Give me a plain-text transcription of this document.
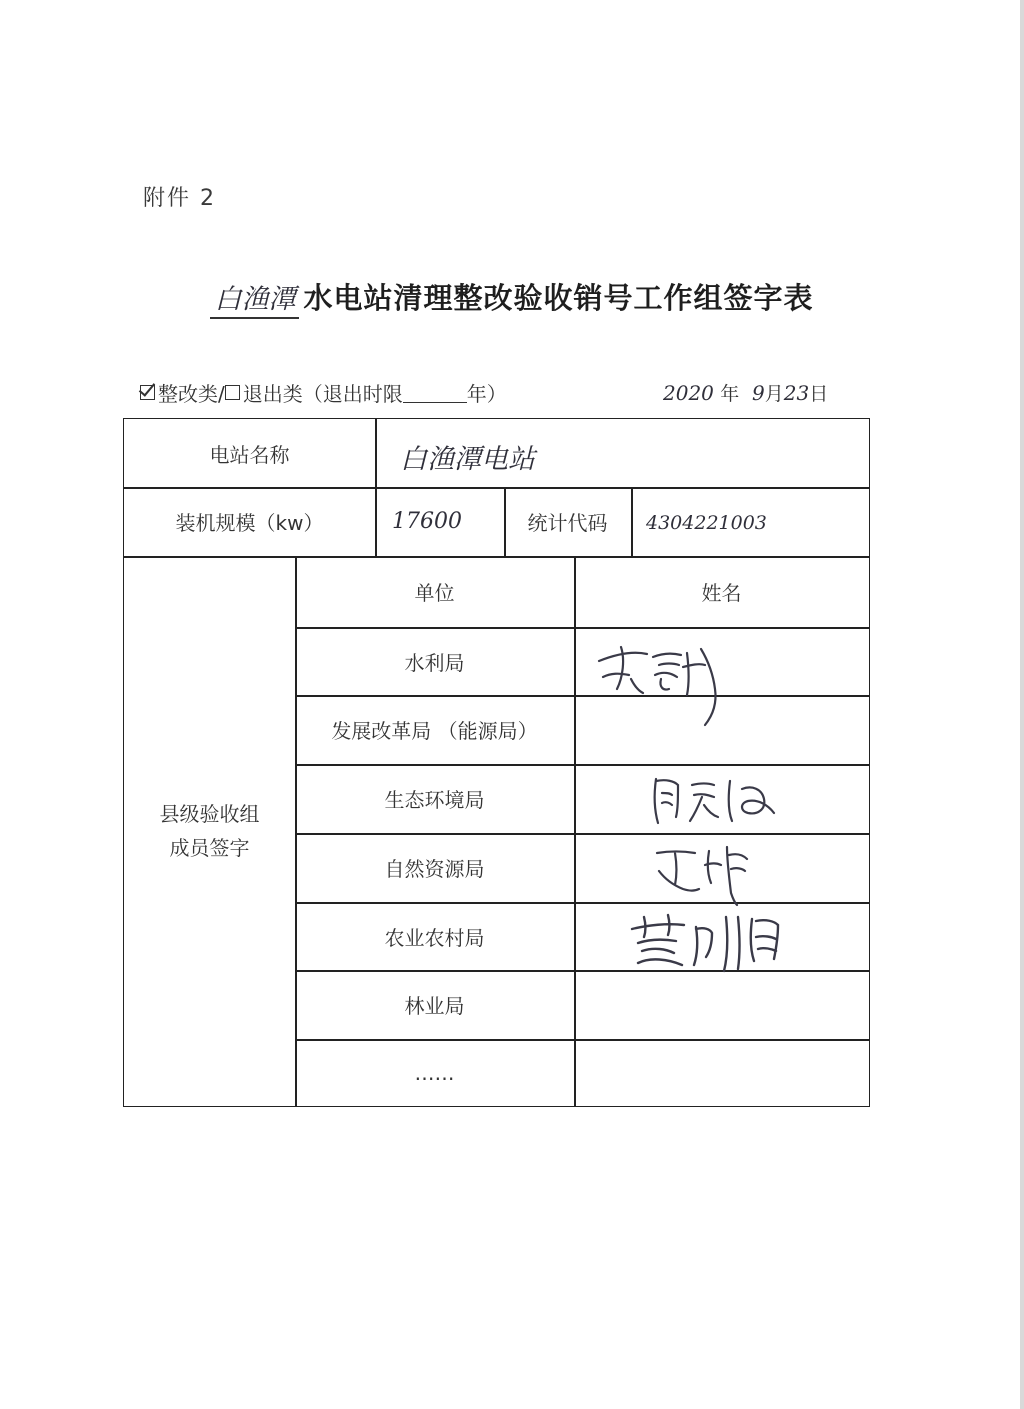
附件 2
白渔潭 水电站清理整改验收销号工作组签字表
整改类/ 退出类（退出时限	年）	2020 年 9月23日
电站名称	白渔潭电站
装机规模（kw）	17600	统计代码	4304221003
县级验收组
成员签字
单位	姓名
水利局
发展改革局 （能源局）
生态环境局
自然资源局
农业农村局
林业局
……
